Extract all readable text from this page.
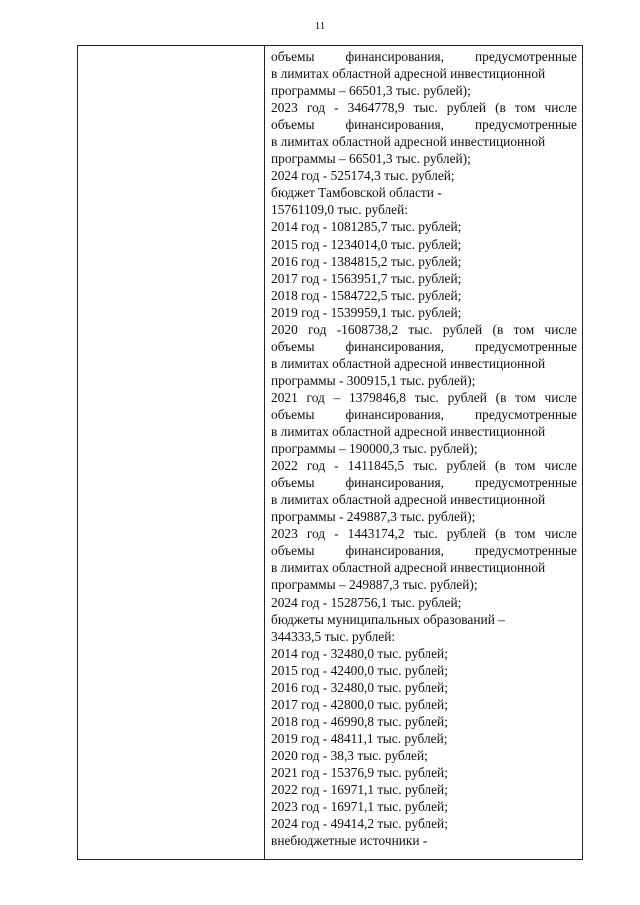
11
объемы финансирования, предусмотренные
в лимитах областной адресной инвестиционной
программы – 66501,3 тыс. рублей);
2023 год - 3464778,9 тыс. рублей (в том числе
объемы финансирования, предусмотренные
в лимитах областной адресной инвестиционной
программы – 66501,3 тыс. рублей);
2024 год - 525174,3 тыс. рублей;
бюджет Тамбовской области -
15761109,0 тыс. рублей:
2014 год - 1081285,7 тыс. рублей;
2015 год - 1234014,0 тыс. рублей;
2016 год - 1384815,2 тыс. рублей;
2017 год - 1563951,7 тыс. рублей;
2018 год - 1584722,5 тыс. рублей;
2019 год - 1539959,1 тыс. рублей;
2020 год -1608738,2 тыс. рублей (в том числе
объемы финансирования, предусмотренные
в лимитах областной адресной инвестиционной
программы - 300915,1 тыс. рублей);
2021 год – 1379846,8 тыс. рублей (в том числе
объемы финансирования, предусмотренные
в лимитах областной адресной инвестиционной
программы – 190000,3 тыс. рублей);
2022 год - 1411845,5 тыс. рублей (в том числе
объемы финансирования, предусмотренные
в лимитах областной адресной инвестиционной
программы - 249887,3 тыс. рублей);
2023 год - 1443174,2 тыс. рублей (в том числе
объемы финансирования, предусмотренные
в лимитах областной адресной инвестиционной
программы – 249887,3 тыс. рублей);
2024 год - 1528756,1 тыс. рублей;
бюджеты муниципальных образований –
344333,5 тыс. рублей:
2014 год - 32480,0 тыс. рублей;
2015 год - 42400,0 тыс. рублей;
2016 год - 32480,0 тыс. рублей;
2017 год - 42800,0 тыс. рублей;
2018 год - 46990,8 тыс. рублей;
2019 год - 48411,1 тыс. рублей;
2020 год - 38,3 тыс. рублей;
2021 год - 15376,9 тыс. рублей;
2022 год - 16971,1 тыс. рублей;
2023 год - 16971,1 тыс. рублей;
2024 год - 49414,2 тыс. рублей;
внебюджетные источники -
